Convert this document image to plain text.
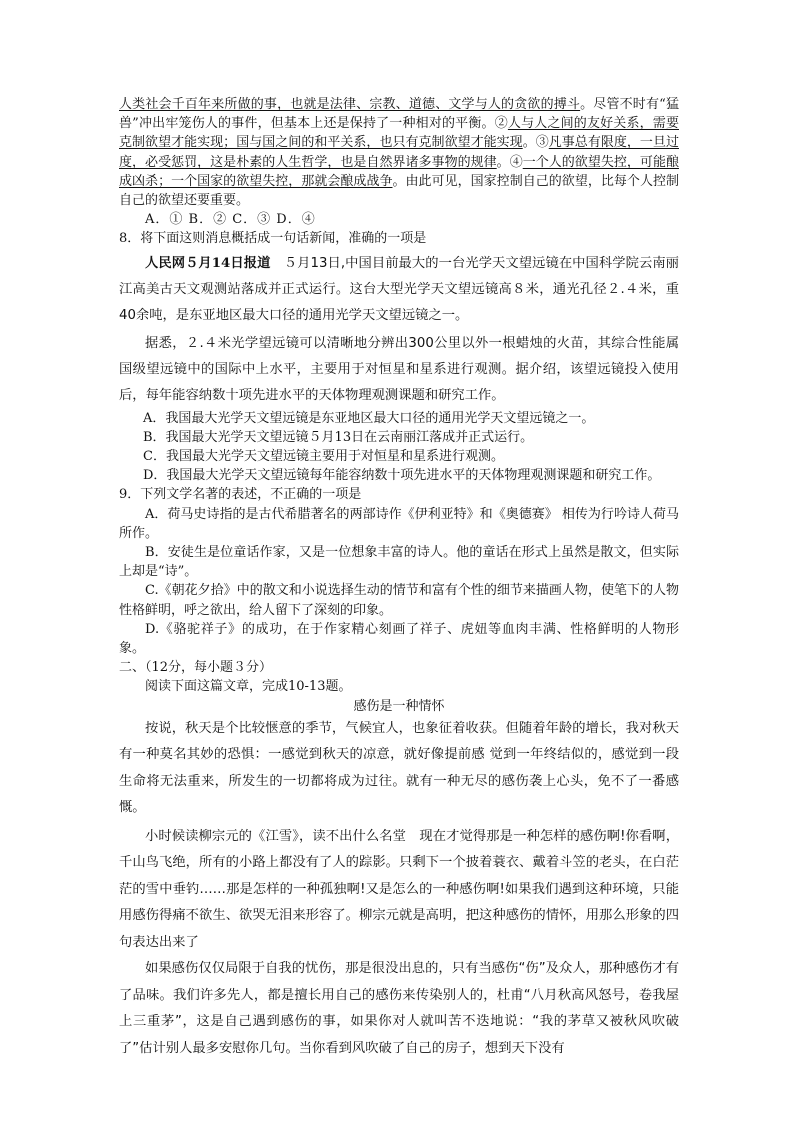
人类社会千百年来所做的事，也就是法律、宗教、道德、文学与人的贪欲的搏斗。尽管不时有“猛兽”冲出牢笼伤人的事件，但基本上还是保持了一种相对的平衡。②人与人之间的友好关系，需要克制欲望才能实现；国与国之间的和平关系，也只有克制欲望才能实现。③凡事总有限度，一旦过度，必受惩罚，这是朴素的人生哲学，也是自然界诸多事物的规律。④一个人的欲望失控，可能酿成凶杀；一个国家的欲望失控，那就会酿成战争。由此可见，国家控制自己的欲望，比每个人控制自己的欲望还要重要。

A．① B．② C．③ D．④

8．将下面这则消息概括成一句话新闻，准确的一项是

人民网５月14日报道　 ５月13日,中国目前最大的一台光学天文望远镜在中国科学院云南丽江高美古天文观测站落成并正式运行。这台大型光学天文望远镜高８米，通光孔径２.４米，重40余吨，是东亚地区最大口径的通用光学天文望远镜之一。

据悉，２.４米光学望远镜可以清晰地分辨出300公里以外一根蜡烛的火苗，其综合性能属国级望远镜中的国际中上水平，主要用于对恒星和星系进行观测。据介绍，该望远镜投入使用后，每年能容纳数十项先进水平的天体物理观测课题和研究工作。

A．我国最大光学天文望远镜是东亚地区最大口径的通用光学天文望远镜之一。

B．我国最大光学天文望远镜５月13日在云南丽江落成并正式运行。

C．我国最大光学天文望远镜主要用于对恒星和星系进行观测。

D．我国最大光学天文望远镜每年能容纳数十项先进水平的天体物理观测课题和研究工作。

9．下列文学名著的表述，不正确的一项是

A．荷马史诗指的是古代希腊著名的两部诗作《伊利亚特》和《奥德赛》 相传为行吟诗人荷马所作。

B．安徒生是位童话作家，又是一位想象丰富的诗人。他的童话在形式上虽然是散文，但实际上却是“诗”。

C.《朝花夕拾》中的散文和小说选择生动的情节和富有个性的细节来描画人物，使笔下的人物性格鲜明，呼之欲出，给人留下了深刻的印象。

D.《骆驼祥子》的成功，在于作家精心刻画了祥子、虎妞等血肉丰满、性格鲜明的人物形象。

二、（12分，每小题３分）

阅读下面这篇文章，完成10-13题。

感伤是一种情怀

按说，秋天是个比较惬意的季节，气候宜人，也象征着收获。但随着年龄的增长，我对秋天有一种莫名其妙的恐惧：一感觉到秋天的凉意，就好像提前感 觉到一年终结似的，感觉到一段生命将无法重来，所发生的一切都将成为过往。就有一种无尽的感伤袭上心头，免不了一番感慨。

小时候读柳宗元的《江雪》，读不出什么名堂　现在才觉得那是一种怎样的感伤啊!你看啊，千山鸟飞绝，所有的小路上都没有了人的踪影。只剩下一个披着蓑衣、戴着斗笠的老头，在白茫茫的雪中垂钓……那是怎样的一种孤独啊!又是怎么的一种感伤啊!如果我们遇到这种环境，只能用感伤得痛不欲生、欲哭无泪来形容了。柳宗元就是高明，把这种感伤的情怀，用那么形象的四句表达出来了

如果感伤仅仅局限于自我的忧伤，那是很没出息的，只有当感伤“伤”及众人，那种感伤才有了品味。我们许多先人，都是擅长用自己的感伤来传染别人的，杜甫“八月秋高风怒号，卷我屋上三重茅”，这是自己遇到感伤的事，如果你对人就叫苦不迭地说：“我的茅草又被秋风吹破了”估计别人最多安慰你几句。当你看到风吹破了自己的房子，想到天下没有
